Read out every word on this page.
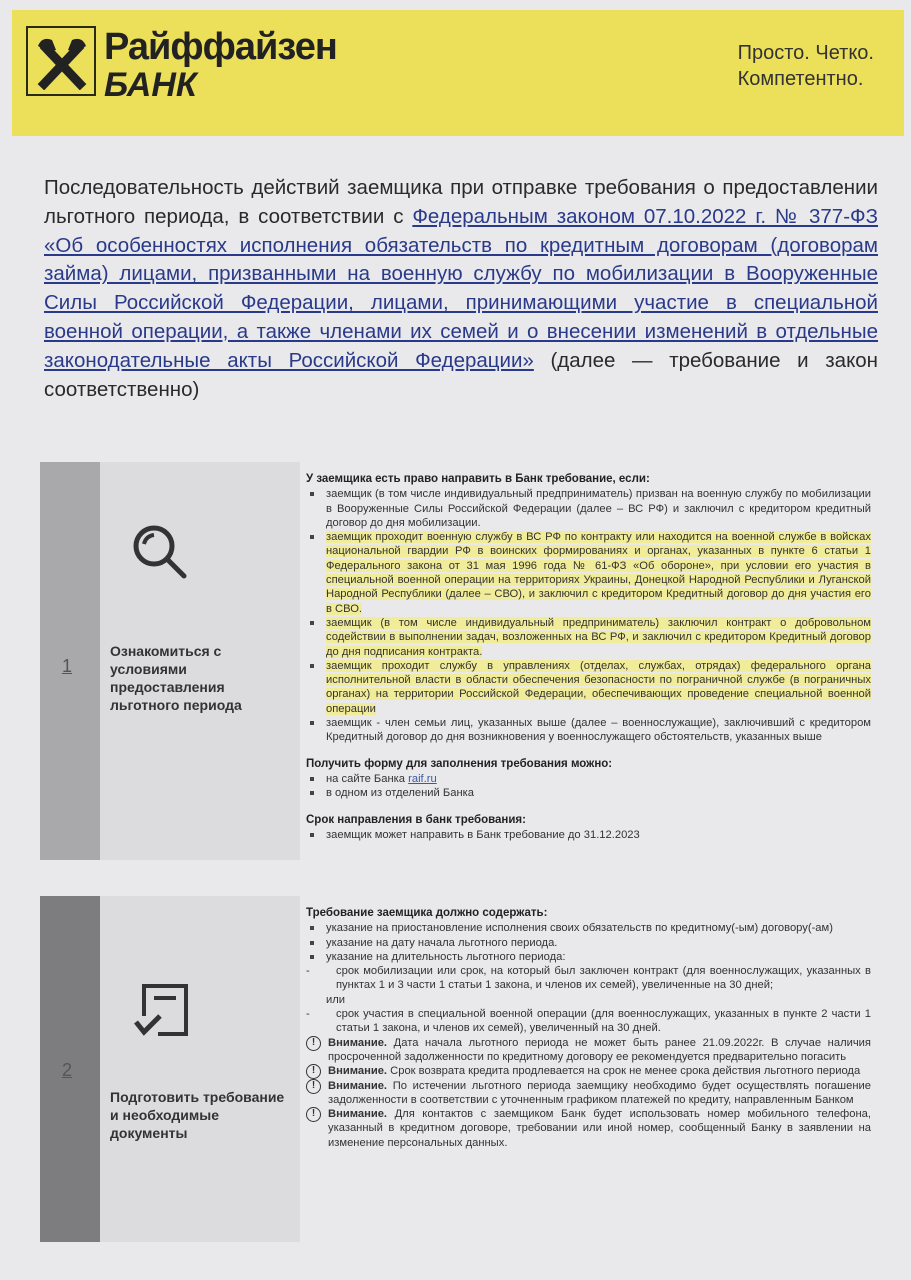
Райффайзен
БАНК
Просто. Четко.
Компетентно.
Последовательность действий заемщика при отправке требования о предоставлении льготного периода, в соответствии с Федеральным законом 07.10.2022 г. № 377-ФЗ «Об особенностях исполнения обязательств по кредитным договорам (договорам займа) лицами, призванными на военную службу по мобилизации в Вооруженные Силы Российской Федерации, лицами, принимающими участие в специальной военной операции, а также членами их семей и о внесении изменений в отдельные законодательные акты Российской Федерации» (далее — требование и закон соответственно)
1
Ознакомиться с условиями предоставления льготного периода
У заемщика есть право направить в Банк требование, если:
заемщик (в том числе индивидуальный предприниматель) призван на военную службу по мобилизации в Вооруженные Силы Российской Федерации (далее – ВС РФ) и заключил с кредитором кредитный договор до дня мобилизации.
заемщик проходит военную службу в ВС РФ по контракту или находится на военной службе в войсках национальной гвардии РФ в воинских формированиях и органах, указанных в пункте 6 статьи 1 Федерального закона от 31 мая 1996 года № 61-ФЗ «Об обороне», при условии его участия в специальной военной операции на территориях Украины, Донецкой Народной Республики и Луганской Народной Республики (далее – СВО), и заключил с кредитором Кредитный договор до дня участия его в СВО.
заемщик (в том числе индивидуальный предприниматель) заключил контракт о добровольном содействии в выполнении задач, возложенных на ВС РФ, и заключил с кредитором Кредитный договор до дня подписания контракта.
заемщик проходит службу в управлениях (отделах, службах, отрядах) федерального органа исполнительной власти в области обеспечения безопасности по пограничной службе (в пограничных органах) на территории Российской Федерации, обеспечивающих проведение специальной военной операции
заемщик - член семьи лиц, указанных выше (далее – военнослужащие), заключивший с кредитором Кредитный договор до дня возникновения у военнослужащего обстоятельств, указанных выше
Получить форму для заполнения требования можно:
на сайте Банка raif.ru
в одном из отделений Банка
Срок направления в банк требования:
заемщик может направить в Банк требование до 31.12.2023
2
Подготовить требование и необходимые документы
Требование заемщика должно содержать:
указание на приостановление исполнения своих обязательств по кредитному(-ым) договору(-ам)
указание на дату начала льготного периода.
указание на длительность льготного периода:
- срок мобилизации или срок, на который был заключен контракт (для военнослужащих, указанных в пунктах 1 и 3 части 1 статьи 1 закона, и членов их семей), увеличенные на 30 дней;
или
- срок участия в специальной военной операции (для военнослужащих, указанных в пункте 2 части 1 статьи 1 закона, и членов их семей), увеличенный на 30 дней.
!	Внимание. Дата начала льготного периода не может быть ранее 21.09.2022г. В случае наличия просроченной задолженности по кредитному договору ее рекомендуется предварительно погасить
!	Внимание. Срок возврата кредита продлевается на срок не менее срока действия льготного периода
!	Внимание. По истечении льготного периода заемщику необходимо будет осуществлять погашение задолженности в соответствии с уточненным графиком платежей по кредиту, направленным Банком
!	Внимание. Для контактов с заемщиком Банк будет использовать номер мобильного телефона, указанный в кредитном договоре, требовании или иной номер, сообщенный Банку в заявлении на изменение персональных данных.
